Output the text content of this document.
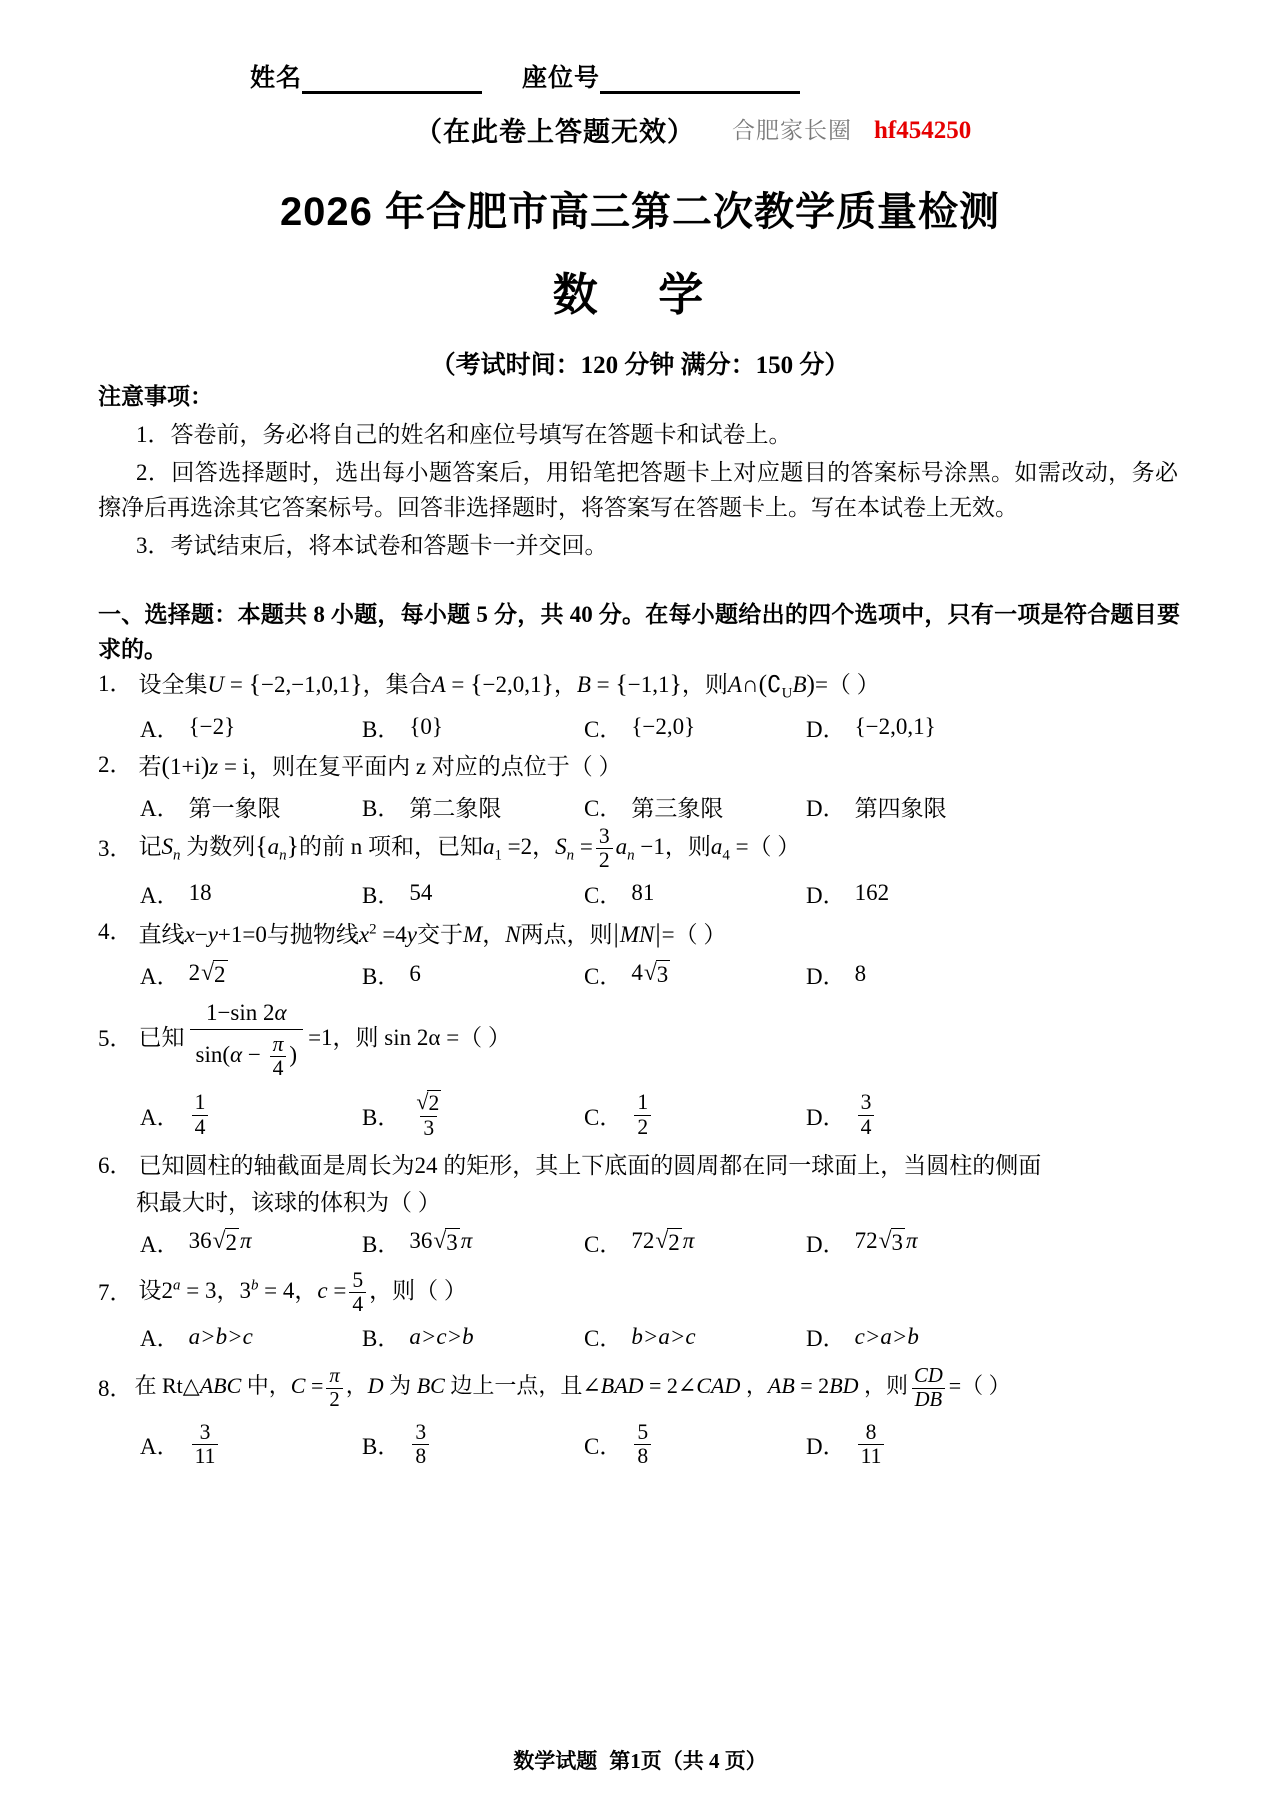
姓名	座位号
（在此卷上答题无效） 合肥家长圈 hf454250
2026 年合肥市高三第二次教学质量检测
数 学
（考试时间：120 分钟 满分：150 分）
注意事项：
1．答卷前，务必将自己的姓名和座位号填写在答题卡和试卷上。
2．回答选择题时，选出每小题答案后，用铅笔把答题卡上对应题目的答案标号涂黑。如需改动，务必擦净后再选涂其它答案标号。回答非选择题时，将答案写在答题卡上。写在本试卷上无效。
3．考试结束后，将本试卷和答题卡一并交回。
一、选择题：本题共 8 小题，每小题 5 分，共 40 分。在每小题给出的四个选项中，只有一项是符合题目要求的。
1． 设全集U = {−2,−1,0,1}，集合A = {−2,0,1}，B = {−1,1}，则$A\cap(∁_UB)=$（ ）
A． {−2}	B． {0}	C． {−2,0}	D． {−2,0,1}
2． 若(1+i)z = i，则在复平面内 z 对应的点位于（ ）
A． 第一象限	B． 第二象限	C． 第三象限	D． 第四象限
3． 记$S_n$ 为数列$\{a_n\}$的前 n 项和，已知$a_1 =2$，$S_n = \frac{3}{2} a_n -1$，则$a_4$ =（ ）
A． 18	B． 54	C． 81	D． 162
4． 直线x−y+1=0与抛物线$x^2 =4y$交于M，N两点，则|MN|=（ ）
A． 2 √ 2	B． 6	C． 4 √ 3	D． 8
5． 已知 $\frac{1-\sin 2\alpha}{\sin(\alpha - \frac{\pi}{4} )} =1$，则 sin 2α =（ ）
A． $\frac{1}{4}$	B． $\frac{√ 2}{3}$	C． $\frac{1}{2}$	D． $\frac{3}{4}$
6． 已知圆柱的轴截面是周长为24 的矩形，其上下底面的圆周都在同一球面上，当圆柱的侧面
积最大时，该球的体积为（ ）
A． 36 √ 2 π	B． 36 √ 3 π	C． 72 √ 2 π	D． 72 √ 3 π
7． 设$2^a = 3$，$3^b = 4$，$c = \frac{5}{4}$ ，则（ ）
A． a>b>c	B． a>c>b	C． b>a>c	D． c>a>b
8． 在 Rt△ABC 中，$C = \frac{\pi}{2}$ ，D 为 BC 边上一点，且∠BAD = 2∠CAD ，AB = 2BD ，则 $\frac{CD}{DB}$ =（ ）
A． $\frac{3}{11}$	B． $\frac{3}{8}$	C． $\frac{5}{8}$	D． $\frac{8}{11}$
数学试题 第1页（共 4 页）
